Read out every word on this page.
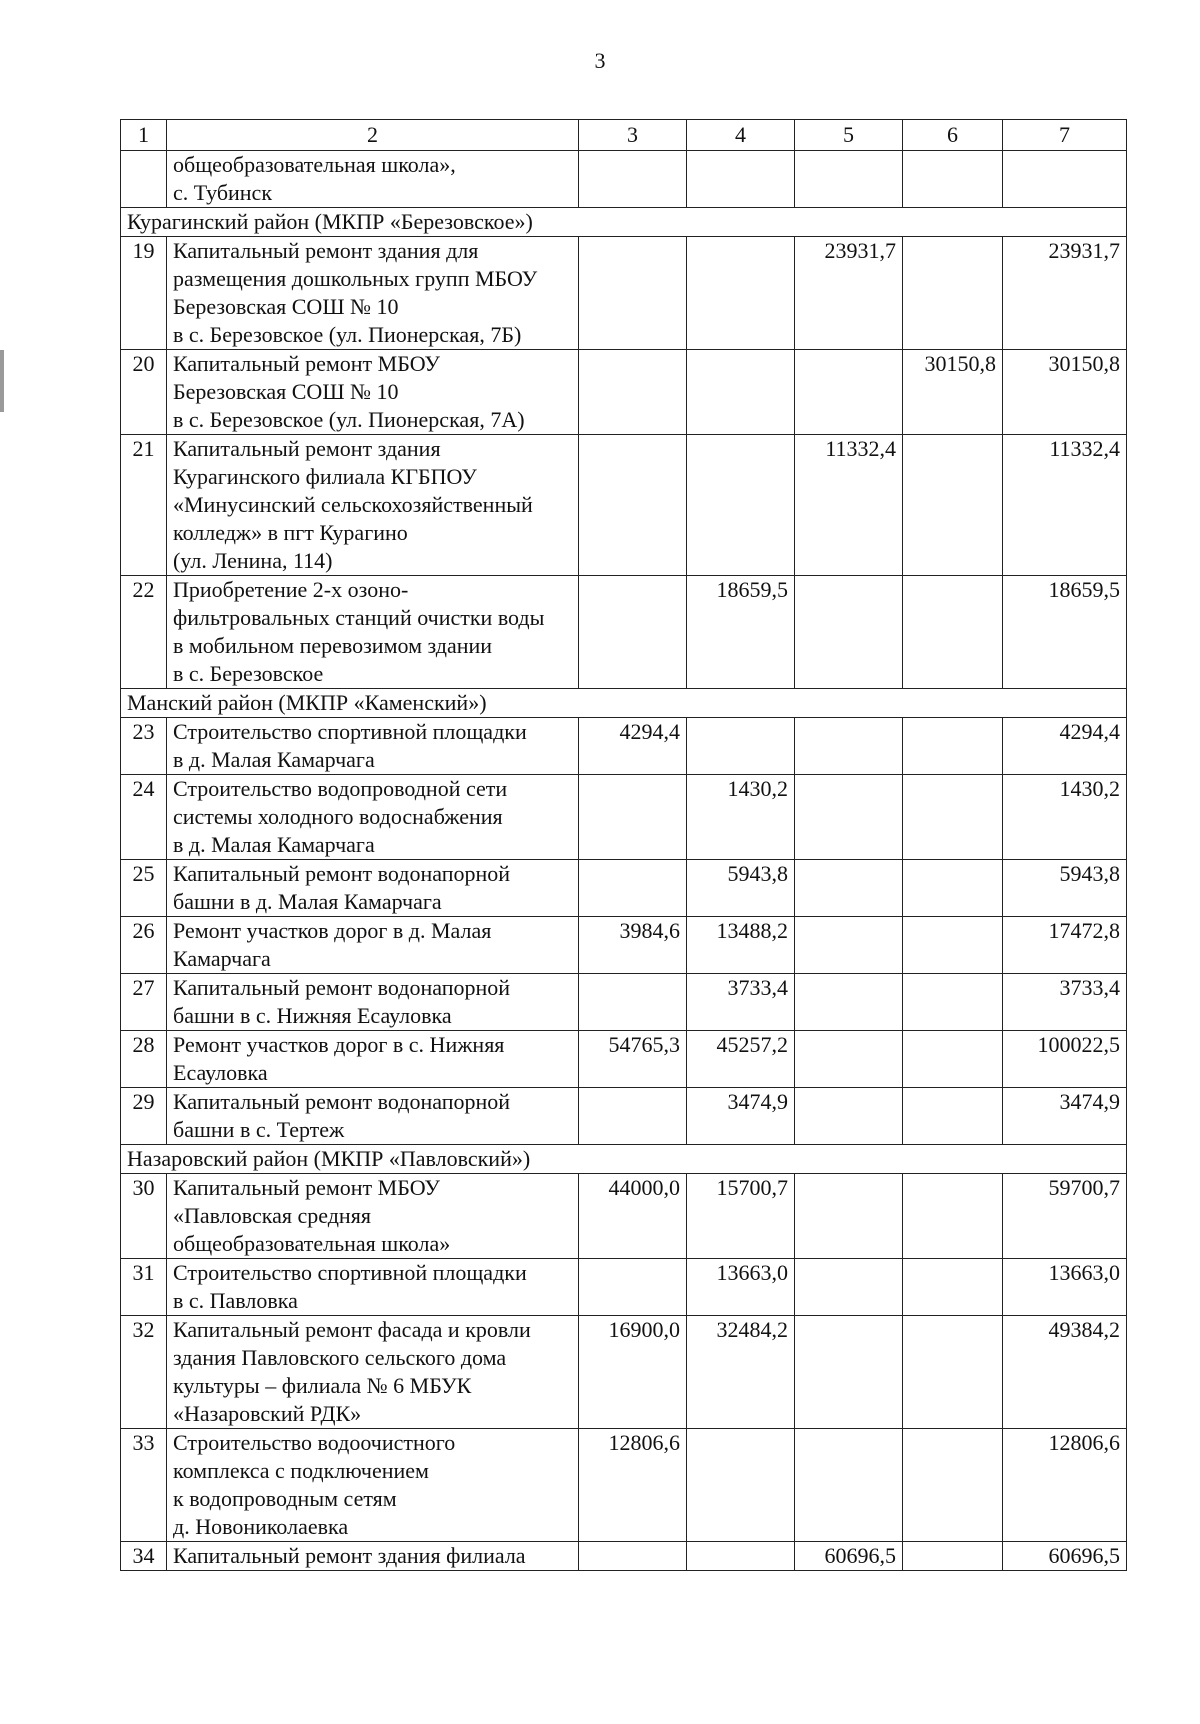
3
1	2	3	4	5	6	7
	общеобразовательная школа»,
с. Тубинск					
Курагинский район (МКПР «Березовское»)						
19	Капитальный ремонт здания для
размещения дошкольных групп МБОУ
Березовская СОШ № 10
в с. Березовское (ул. Пионерская, 7Б)			23931,7		23931,7
20	Капитальный ремонт МБОУ
Березовская СОШ № 10
в с. Березовское (ул. Пионерская, 7А)				30150,8	30150,8
21	Капитальный ремонт здания
Курагинского филиала КГБПОУ
«Минусинский сельскохозяйственный
колледж» в пгт Курагино
(ул. Ленина, 114)			11332,4		11332,4
22	Приобретение 2-х озоно-
фильтровальных станций очистки воды
в мобильном перевозимом здании
в с. Березовское		18659,5			18659,5
Манский район (МКПР «Каменский»)						
23	Строительство спортивной площадки
в д. Малая Камарчага	4294,4				4294,4
24	Строительство водопроводной сети
системы холодного водоснабжения
в д. Малая Камарчага		1430,2			1430,2
25	Капитальный ремонт водонапорной
башни в д. Малая Камарчага		5943,8			5943,8
26	Ремонт участков дорог в д. Малая
Камарчага	3984,6	13488,2			17472,8
27	Капитальный ремонт водонапорной
башни в с. Нижняя Есауловка		3733,4			3733,4
28	Ремонт участков дорог в с. Нижняя
Есауловка	54765,3	45257,2			100022,5
29	Капитальный ремонт водонапорной
башни в с. Тертеж		3474,9			3474,9
Назаровский район (МКПР «Павловский»)						
30	Капитальный ремонт МБОУ
«Павловская средняя
общеобразовательная школа»	44000,0	15700,7			59700,7
31	Строительство спортивной площадки
в с. Павловка		13663,0			13663,0
32	Капитальный ремонт фасада и кровли
здания Павловского сельского дома
культуры – филиала № 6 МБУК
«Назаровский РДК»	16900,0	32484,2			49384,2
33	Строительство водоочистного
комплекса с подключением
к водопроводным сетям
д. Новониколаевка	12806,6				12806,6
34	Капитальный ремонт здания филиала			60696,5		60696,5
